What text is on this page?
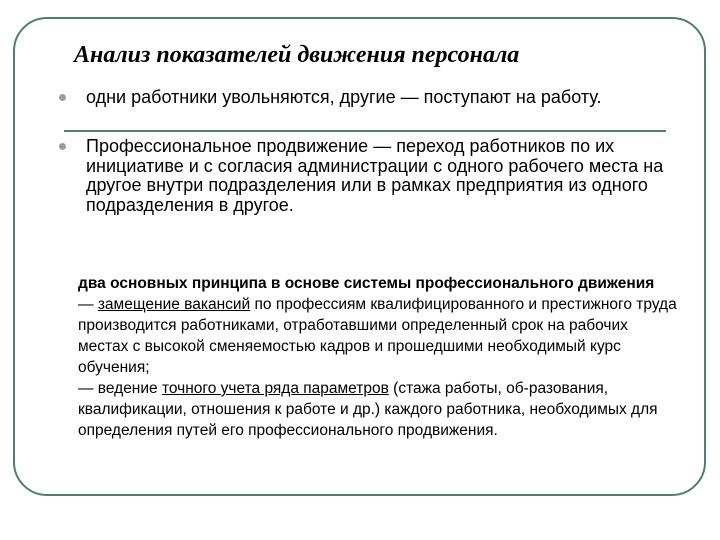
Анализ показателей движения персонала
одни работники увольняются, другие — поступают на работу.
Профессиональное продвижение — переход работников по их инициативе и с согласия администрации с одного рабочего места на другое внутри подразделения или в рамках предприятия из одного подразделения в другое.
два основных принципа в основе системы профессионального движения
— замещение вакансий по профессиям квалифицированного и престижного труда производится работниками, отработавшими определенный срок на рабочих местах с высокой сменяемостью кадров и прошедшими необходимый курс обучения;
— ведение точного учета ряда параметров (стажа работы, об-разования, квалификации, отношения к работе и др.) каждого работника, необходимых для определения путей его профессионального продвижения.
